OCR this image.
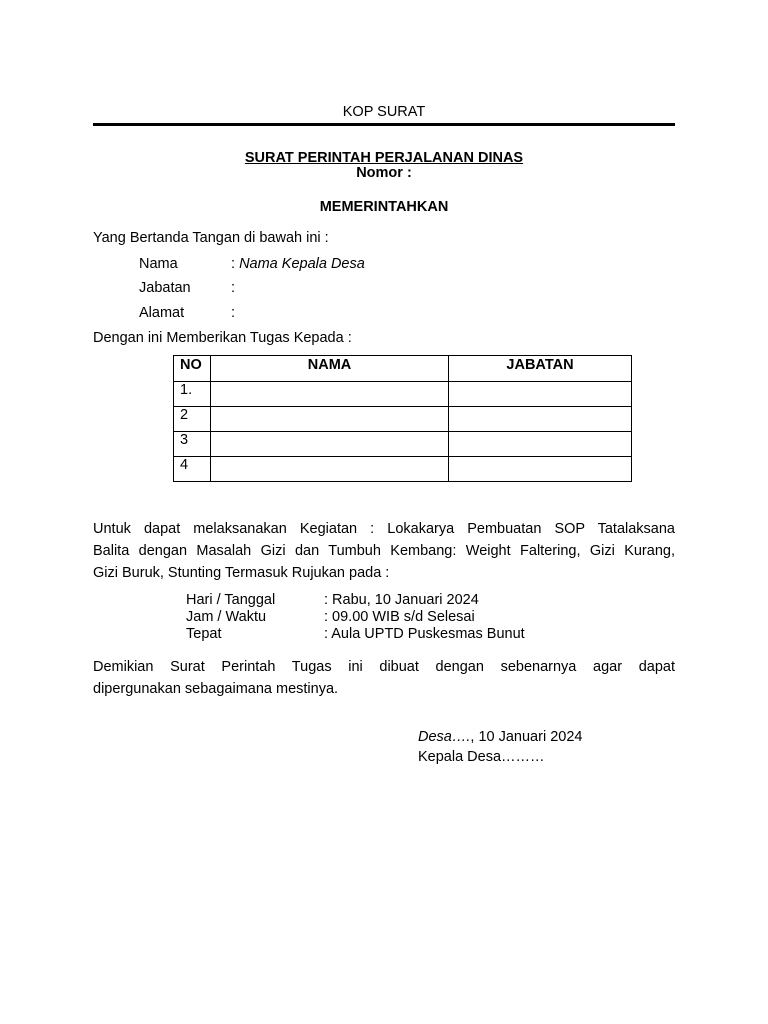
KOP SURAT
SURAT PERINTAH PERJALANAN DINAS
Nomor :
MEMERINTAHKAN
Yang Bertanda Tangan di bawah ini :
Nama	: Nama Kepala Desa
Jabatan	:
Alamat	:
Dengan ini Memberikan Tugas Kepada :
NO	NAMA	JABATAN
1.		
2		
3		
4		
Untuk dapat melaksanakan Kegiatan : Lokakarya Pembuatan SOP Tatalaksana
Balita dengan Masalah Gizi dan Tumbuh Kembang: Weight Faltering, Gizi Kurang,
Gizi Buruk, Stunting Termasuk Rujukan pada :
Hari / Tanggal	: Rabu, 10 Januari 2024
Jam / Waktu	: 09.00 WIB s/d Selesai
Tepat	: Aula UPTD Puskesmas Bunut
Demikian Surat Perintah Tugas ini dibuat dengan sebenarnya agar dapat
dipergunakan sebagaimana mestinya.
Desa…., 10 Januari 2024
Kepala Desa………
